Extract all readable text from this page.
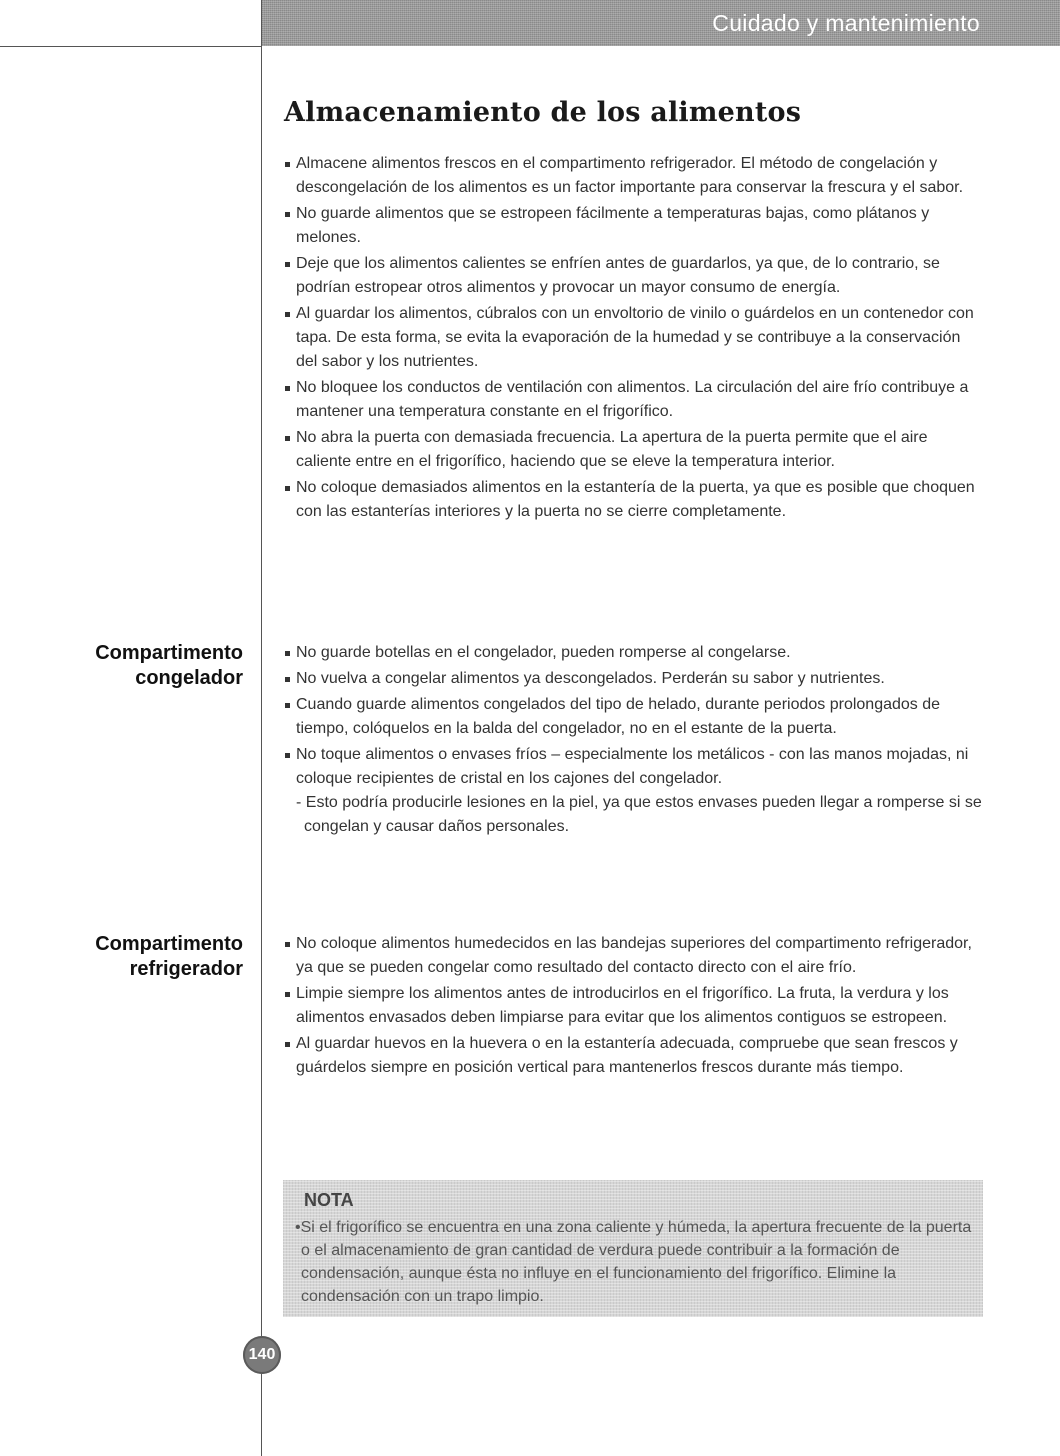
Cuidado y mantenimiento
Almacenamiento de los alimentos
Almacene alimentos frescos en el compartimento refrigerador. El método de congelación y descongelación de los alimentos es un factor importante para conservar la frescura y el sabor.
No guarde alimentos que se estropeen fácilmente a temperaturas bajas, como plátanos y melones.
Deje que los alimentos calientes se enfríen antes de guardarlos, ya que, de lo contrario, se podrían estropear otros alimentos y provocar un mayor consumo de energía.
Al guardar los alimentos, cúbralos con un envoltorio de vinilo o guárdelos en un contenedor con tapa. De esta forma, se evita la evaporación de la humedad y se contribuye a la conservación del sabor y los nutrientes.
No bloquee los conductos de ventilación con alimentos. La circulación del aire frío contribuye a mantener una temperatura constante en el frigorífico.
No abra la puerta con demasiada frecuencia. La apertura de la puerta permite que el aire caliente entre en el frigorífico, haciendo que se eleve la temperatura interior.
No coloque demasiados alimentos en la estantería de la puerta, ya que es posible que choquen con las estanterías interiores y la puerta no se cierre completamente.
Compartimento
congelador
No guarde botellas en el congelador, pueden romperse al congelarse.
No vuelva a congelar alimentos ya descongelados. Perderán su sabor y nutrientes.
Cuando guarde alimentos congelados del tipo de helado, durante periodos prolongados de tiempo, colóquelos en la balda del congelador, no en el estante de la puerta.
No toque alimentos o envases fríos – especialmente los metálicos - con las manos mojadas, ni coloque recipientes de cristal en los cajones del congelador.
- Esto podría producirle lesiones en la piel, ya que estos envases pueden llegar a romperse si se congelan y causar daños personales.
Compartimento
refrigerador
No coloque alimentos humedecidos en las bandejas superiores del compartimento refrigerador, ya que se pueden congelar como resultado del contacto directo con el aire frío.
Limpie siempre los alimentos antes de introducirlos en el frigorífico. La fruta, la verdura y los alimentos envasados deben limpiarse para evitar que los alimentos contiguos se estropeen.
Al guardar huevos en la huevera o en la estantería adecuada, compruebe que sean frescos y guárdelos siempre en posición vertical para mantenerlos frescos durante más tiempo.
NOTA

•Si el frigorífico se encuentra en una zona caliente y húmeda, la apertura frecuente de la puerta o el almacenamiento de gran cantidad de verdura puede contribuir a la formación de condensación, aunque ésta no influye en el funcionamiento del frigorífico. Elimine la condensación con un trapo limpio.

140
